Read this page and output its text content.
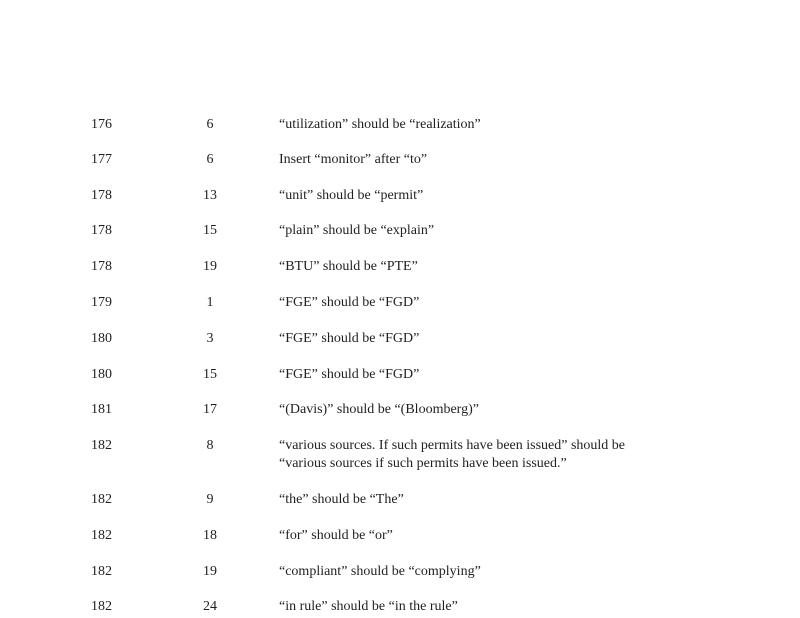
176	6	“utilization” should be “realization”
177	6	Insert “monitor” after “to”
178	13	“unit” should be “permit”
178	15	“plain” should be “explain”
178	19	“BTU” should be “PTE”
179	1	“FGE” should be “FGD”
180	3	“FGE” should be “FGD”
180	15	“FGE” should be “FGD”
181	17	“(Davis)” should be “(Bloomberg)”
182	8	“various sources. If such permits have been issued” should be
“various sources if such permits have been issued.”
182	9	“the” should be “The”
182	18	“for” should be “or”
182	19	“compliant” should be “complying”
182	24	“in rule” should be “in the rule”
